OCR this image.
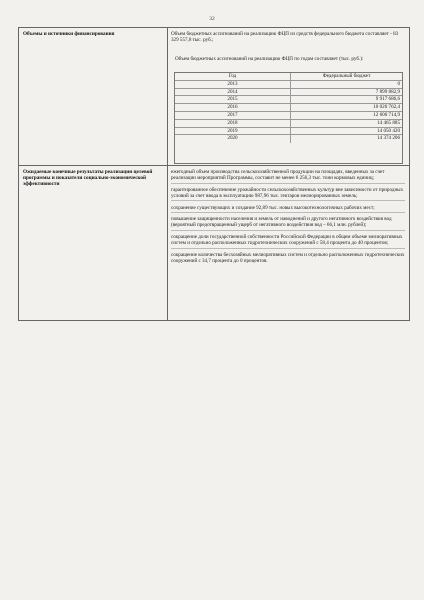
32
Объемы и источники финансирования	Объем бюджетных ассигнований на реализацию ФЦП из средств федерального бюджета составляет - 83 329 557,8 тыс. руб.;
Объем бюджетных ассигнований на реализацию ФЦП по годам составляет (тыс. руб.):
Год	Федеральный бюджет
2013	0
2014	7 899 882,9
2015	9 917 686,6
2016	10 020 762,4
2017	12 600 714,9
2018	14 465 885
2019	14 050 420
2020	14 374 206
Ожидаемые конечные результаты реализации целевой программы и показатели социально-экономической эффективности

ежегодный объем производства сельскохозяйственной продукции на площадях, введенных за счет реализации мероприятий Программы, составит не менее 6 256,3 тыс. тонн кормовых единиц;

гарантированное обеспечение урожайности сельскохозяйственных культур вне зависимости от природных условий за счет ввода в эксплуатацию 987,96 тыс. гектаров мелиорированных земель;

сохранение существующих и создание 92,89 тыс. новых высокотехнологичных рабочих мест;

повышение защищенности населения и земель от наводнений и другого негативного воздействия вод (вероятный предотвращенный ущерб от негативного воздействия вод – 66,1 млн. рублей);

сокращение доли государственной собственности Российской Федерации в общем объеме мелиоративных систем и отдельно расположенных гидротехнических сооружений с 58,4 процента до 40 процентов;

сокращение количества бесхозяйных мелиоративных систем и отдельно расположенных гидротехнических сооружений с 34,7 процента до 0 процентов.
